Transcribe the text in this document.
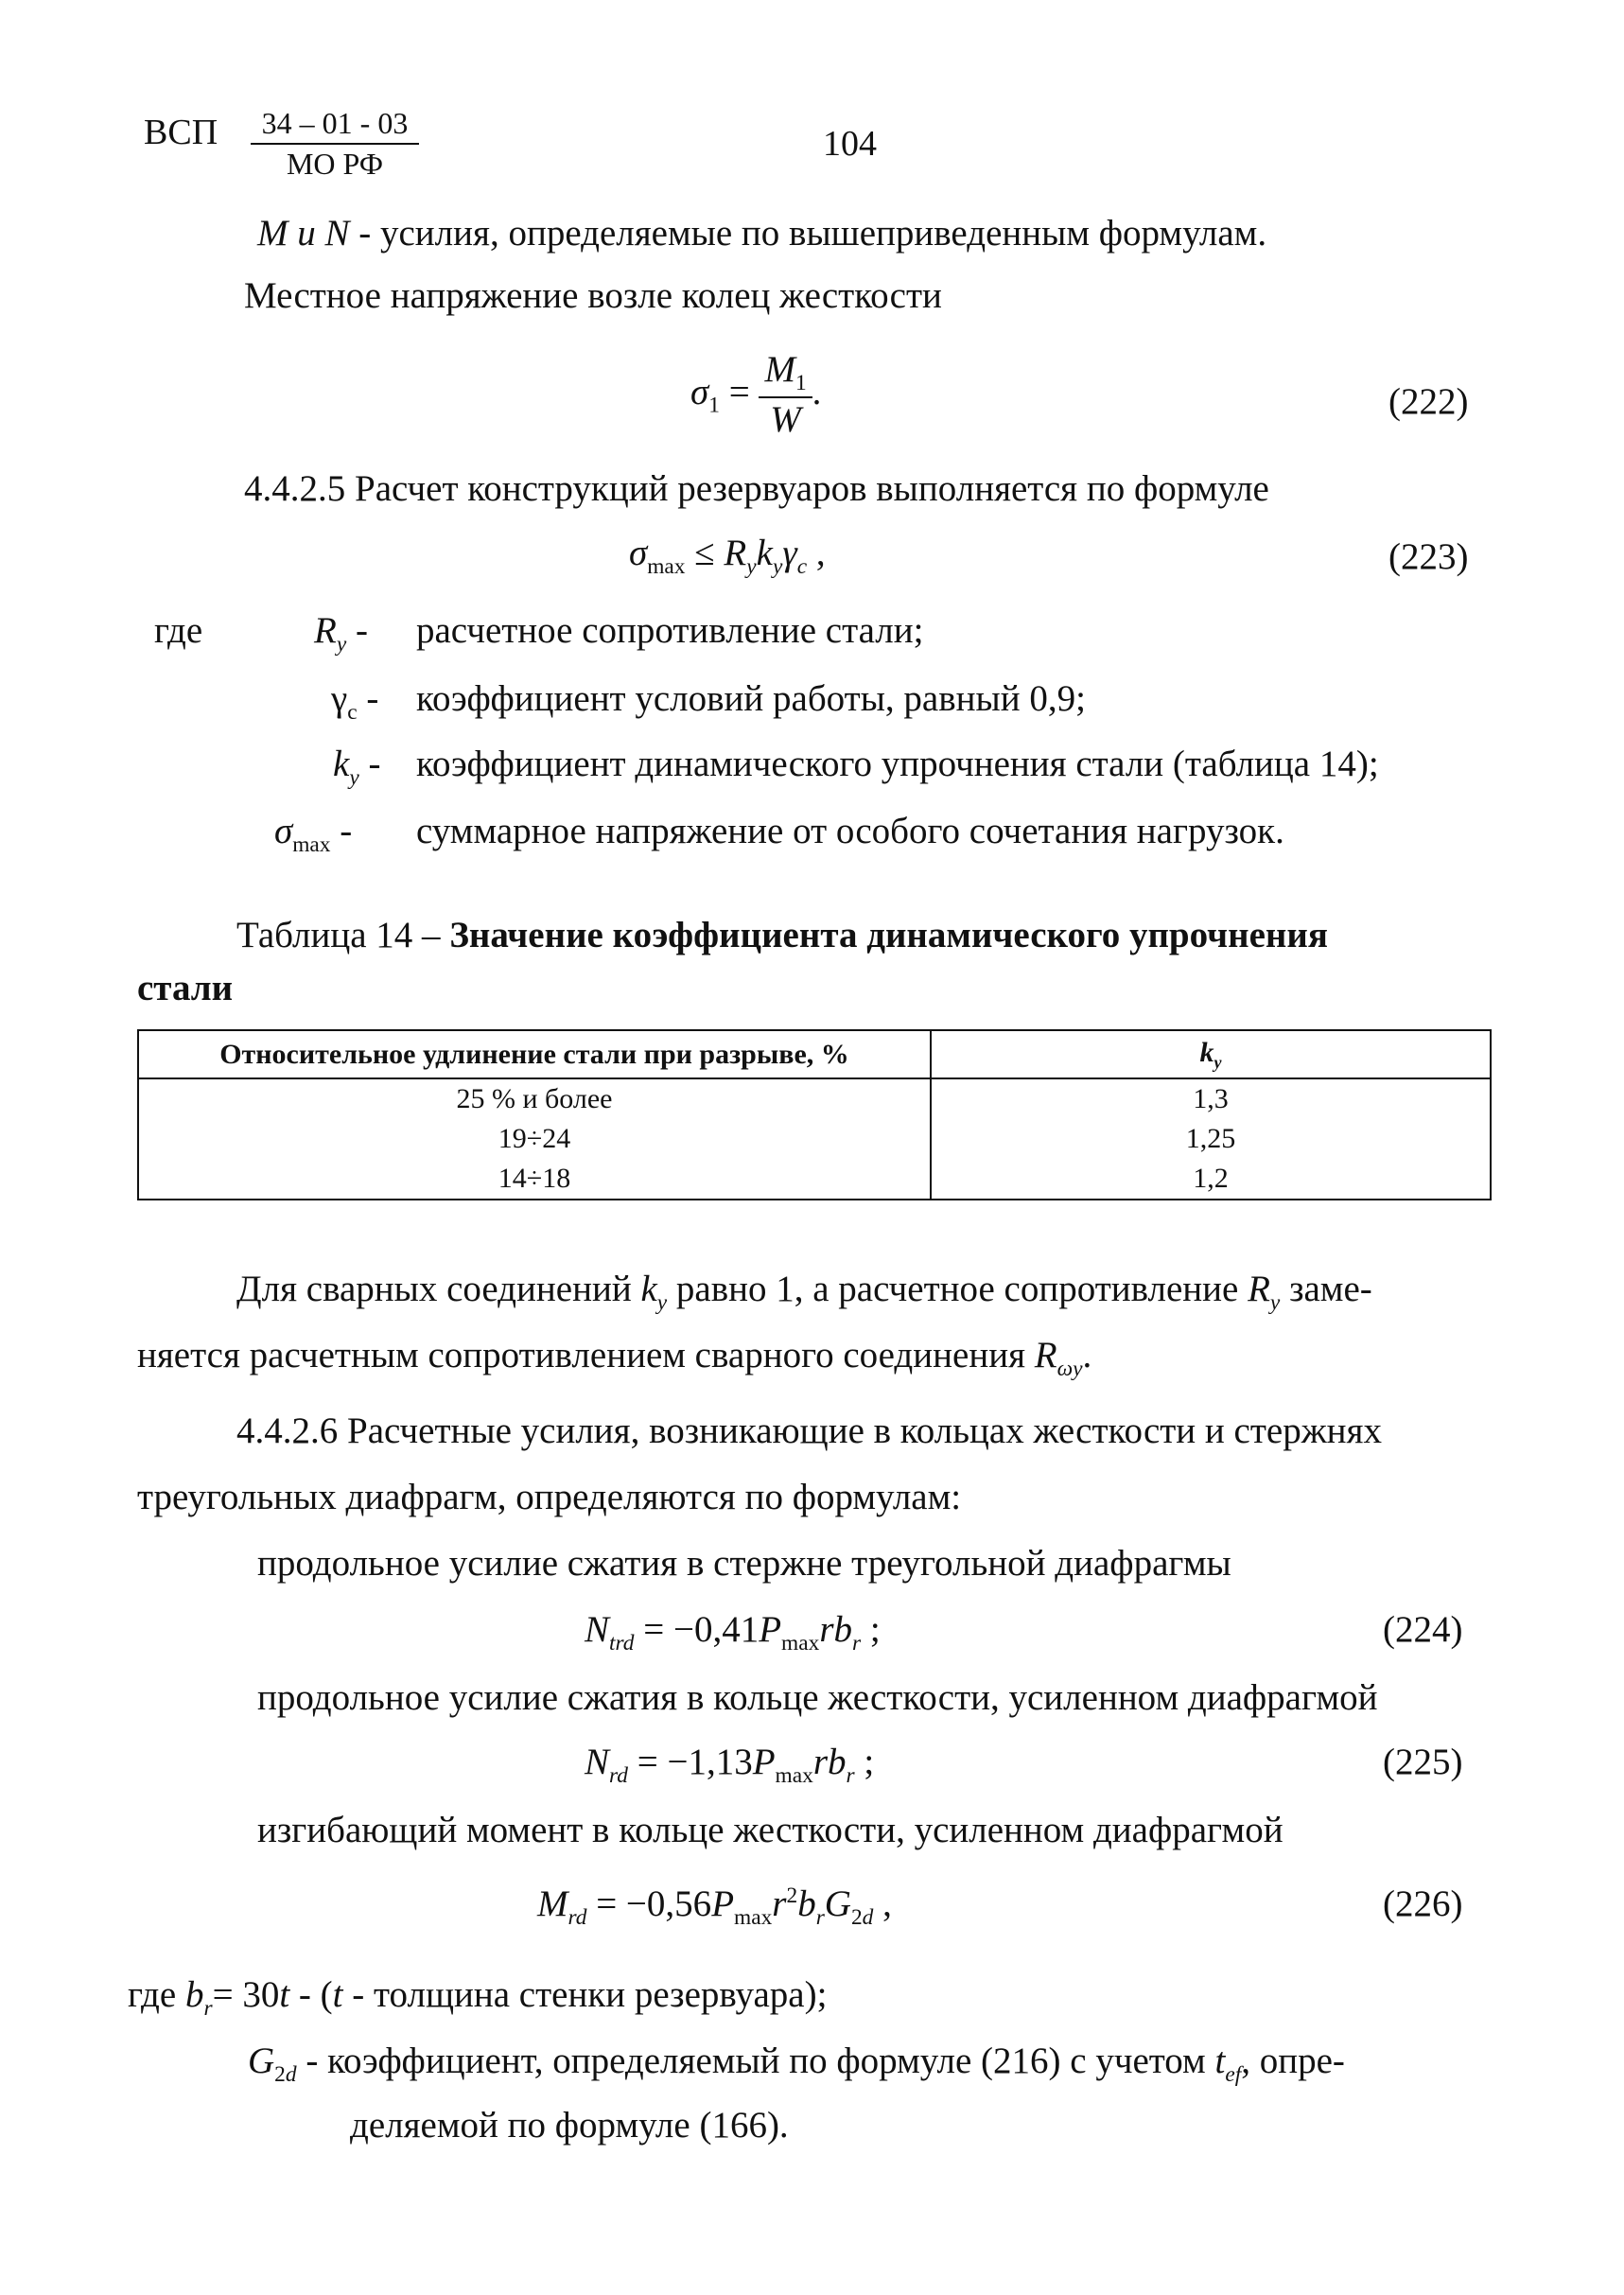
ВСП	34 – 01 - 03
МО РФ	104
M и N - усилия, определяемые по вышеприведенным формулам.
Местное напряжение возле колец жесткости
$\sigma_1 = \frac{M_1}{W}$ .	(222)
4.4.2.5 Расчет конструкций резервуаров выполняется по формуле
$\sigma_{max} \le R_yk_y\gamma_c$ ,	(223)
где	$R_y$ - расчетное сопротивление стали;
$\gamma_c$ - коэффициент условий работы, равный 0,9;
$k_y$ - коэффициент динамического упрочнения стали (таблица 14);
$\sigma_{max}$ - суммарное напряжение от особого сочетания нагрузок.
Таблица 14 – Значение коэффициента динамического упрочнения
стали
Относительное удлинение стали при разрыве, %	$k_y$
25 % и более	1,3
19÷24	1,25
14÷18	1,2
Для сварных соединений $k_y$ равно 1, а расчетное сопротивление $R_y$ заме-
няется расчетным сопротивлением сварного соединения $R_{\omega y}$.
4.4.2.6 Расчетные усилия, возникающие в кольцах жесткости и стержнях
треугольных диафрагм, определяются по формулам:
продольное усилие сжатия в стержне треугольной диафрагмы
$N_{trd} = -0,41P_{max}rb_r$ ;	(224)
продольное усилие сжатия в кольце жесткости, усиленном диафрагмой
$N_{rd} = -1,13P_{max}rb_r$ ;	(225)
изгибающий момент в кольце жесткости, усиленном диафрагмой
$M_{rd} = -0,56P_{max}r^2b_rG_{2d}$ ,	(226)
где $b_r= 30t - (t$ - толщина стенки резервуара);
$G_{2d}$ - коэффициент, определяемый по формуле (216) с учетом $t_{ef}$, опре-
деляемой по формуле (166).
